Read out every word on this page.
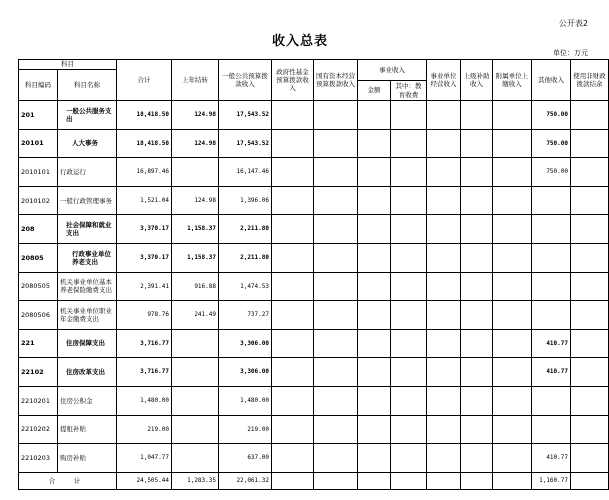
公开表2
收入总表
单位：万元
科目		合计	上年结转	一般公共预算拨款收入	政府性基金预算拨款收入	国有资本经营预算拨款收入	事业收入		事业单位经营收入	上级补助收入	附属单位上缴收入	其他收入	使用非财政拨款结余
科目编码	科目名称												
							金额	其中：教育收费					
201	一般公共服务支出	18,418.50	124.98	17,543.52								750.00	
20101	人大事务	18,418.50	124.98	17,543.52								750.00	
2010101	行政运行	16,897.46		16,147.46								750.00	
2010102	一般行政管理事务	1,521.04	124.98	1,396.06									
208	社会保障和就业支出	3,370.17	1,158.37	2,211.80									
20805	行政事业单位养老支出	3,370.17	1,158.37	2,211.80									
2080505	机关事业单位基本养老保险缴费支出	2,391.41	916.88	1,474.53									
2080506	机关事业单位职业年金缴费支出	978.76	241.49	737.27									
221	住房保障支出	3,716.77		3,306.00								410.77	
22102	住房改革支出	3,716.77		3,306.00								410.77	
2210201	住房公积金	1,480.00		1,480.00									
2210202	提租补贴	219.00		219.00									
2210203	购房补贴	1,047.77		637.00								410.77	
合　计		24,505.44	1,283.35	22,061.32								1,160.77	
